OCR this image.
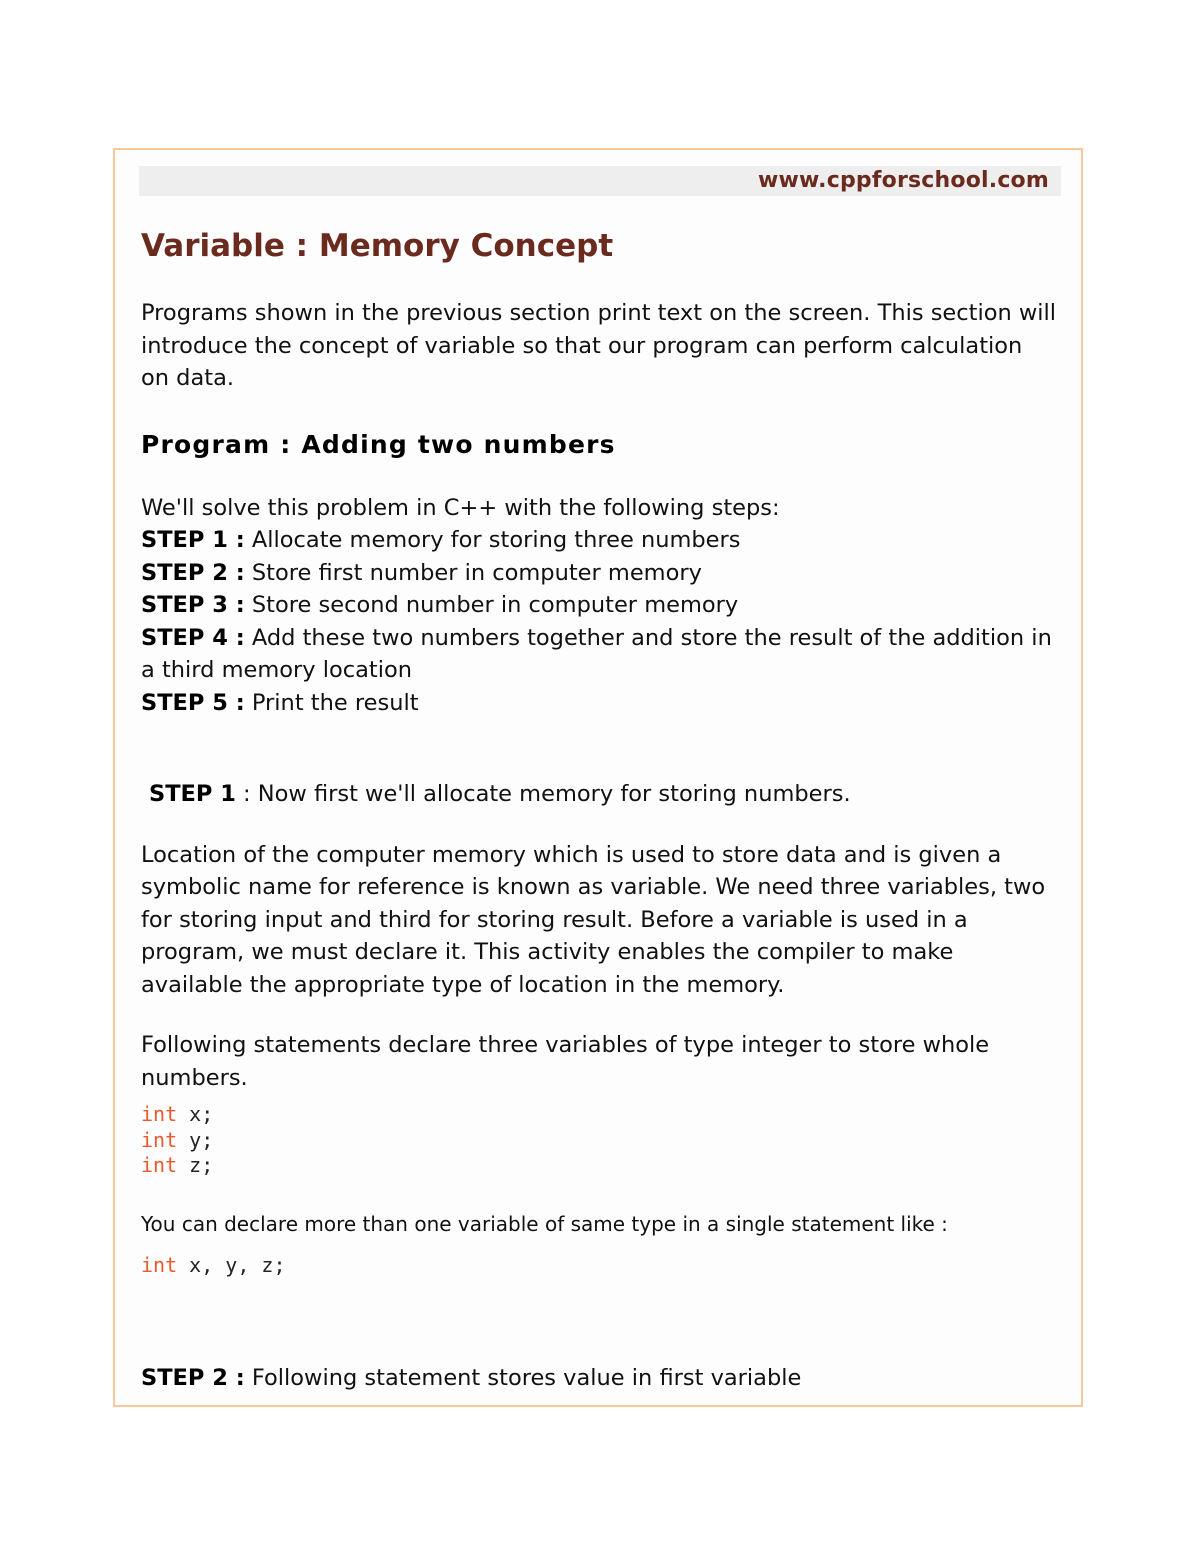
www.cppforschool.com
Variable : Memory Concept

Programs shown in the previous section print text on the screen. This section will introduce the concept of variable so that our program can perform calculation on data.

Program : Adding two numbers

We'll solve this problem in C++ with the following steps:

STEP 1 : Allocate memory for storing three numbers

STEP 2 : Store first number in computer memory

STEP 3 : Store second number in computer memory

STEP 4 : Add these two numbers together and store the result of the addition in a third memory location

STEP 5 : Print the result

STEP 1 : Now first we'll allocate memory for storing numbers.

Location of the computer memory which is used to store data and is given a symbolic name for reference is known as variable. We need three variables, two for storing input and third for storing result. Before a variable is used in a program, we must declare it. This activity enables the compiler to make available the appropriate type of location in the memory.

Following statements declare three variables of type integer to store whole numbers.

int x;
int y;
int z;

You can declare more than one variable of same type in a single statement like :

int x, y, z;

STEP 2 : Following statement stores value in first variable
